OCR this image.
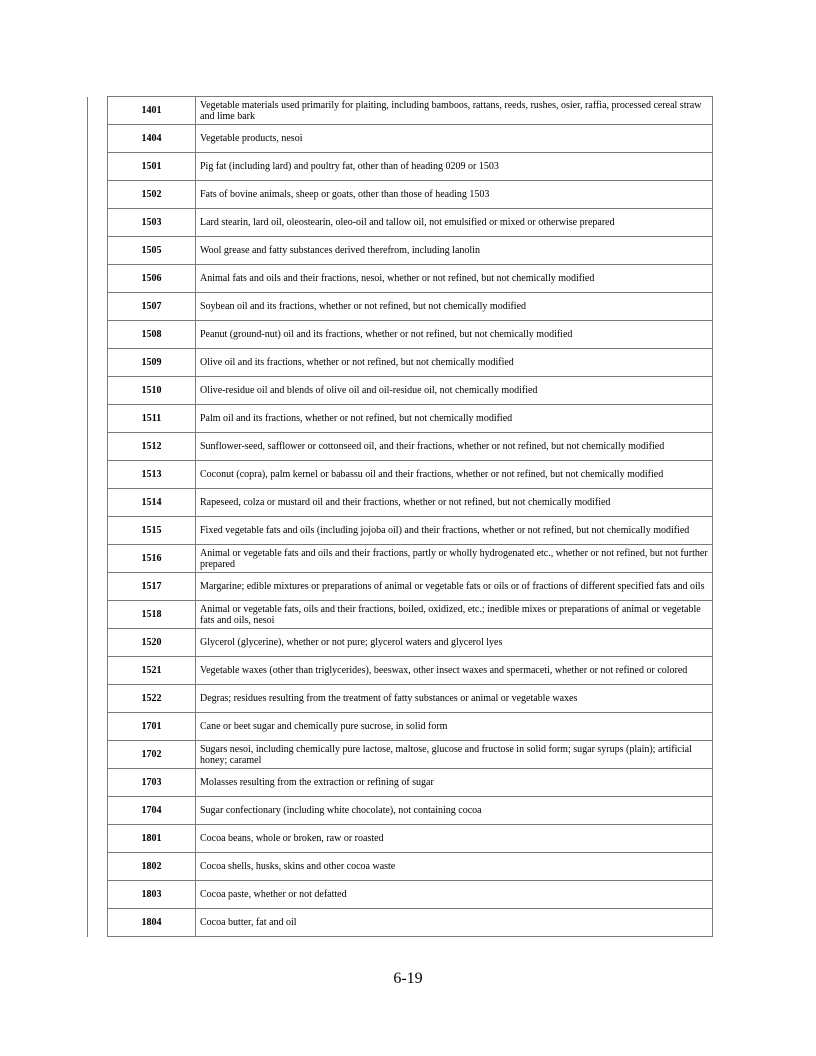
	1401	Vegetable materials used primarily for plaiting, including bamboos, rattans, reeds, rushes, osier, raffia, processed cereal straw and lime bark
	1404	Vegetable products, nesoi
	1501	Pig fat (including lard) and poultry fat, other than of heading 0209 or 1503
	1502	Fats of bovine animals, sheep or goats, other than those of heading 1503
	1503	Lard stearin, lard oil, oleostearin, oleo-oil and tallow oil, not emulsified or mixed or otherwise prepared
	1505	Wool grease and fatty substances derived therefrom, including lanolin
	1506	Animal fats and oils and their fractions, nesoi, whether or not refined, but not chemically modified
	1507	Soybean oil and its fractions, whether or not refined, but not chemically modified
	1508	Peanut (ground-nut) oil and its fractions, whether or not refined, but not chemically modified
	1509	Olive oil and its fractions, whether or not refined, but not chemically modified
	1510	Olive-residue oil and blends of olive oil and oil-residue oil, not chemically modified
	1511	Palm oil and its fractions, whether or not refined, but not chemically modified
	1512	Sunflower-seed, safflower or cottonseed oil, and their fractions, whether or not refined, but not chemically modified
	1513	Coconut (copra), palm kernel or babassu oil and their fractions, whether or not refined, but not chemically modified
	1514	Rapeseed, colza or mustard oil and their fractions, whether or not refined, but not chemically modified
	1515	Fixed vegetable fats and oils (including jojoba oil) and their fractions, whether or not refined, but not chemically modified
	1516	Animal or vegetable fats and oils and their fractions, partly or wholly hydrogenated etc., whether or not refined, but not further prepared
	1517	Margarine; edible mixtures or preparations of animal or vegetable fats or oils or of fractions of different specified fats and oils
	1518	Animal or vegetable fats, oils and their fractions, boiled, oxidized, etc.; inedible mixes or preparations of animal or vegetable fats and oils, nesoi
	1520	Glycerol (glycerine), whether or not pure; glycerol waters and glycerol lyes
	1521	Vegetable waxes (other than triglycerides), beeswax, other insect waxes and spermaceti, whether or not refined or colored
	1522	Degras; residues resulting from the treatment of fatty substances or animal or vegetable waxes
	1701	Cane or beet sugar and chemically pure sucrose, in solid form
	1702	Sugars nesoi, including chemically pure lactose, maltose, glucose and fructose in solid form; sugar syrups (plain); artificial honey; caramel
	1703	Molasses resulting from the extraction or refining of sugar
	1704	Sugar confectionary (including white chocolate), not containing cocoa
	1801	Cocoa beans, whole or broken, raw or roasted
	1802	Cocoa shells, husks, skins and other cocoa waste
	1803	Cocoa paste, whether or not defatted
	1804	Cocoa butter, fat and oil
6-19
